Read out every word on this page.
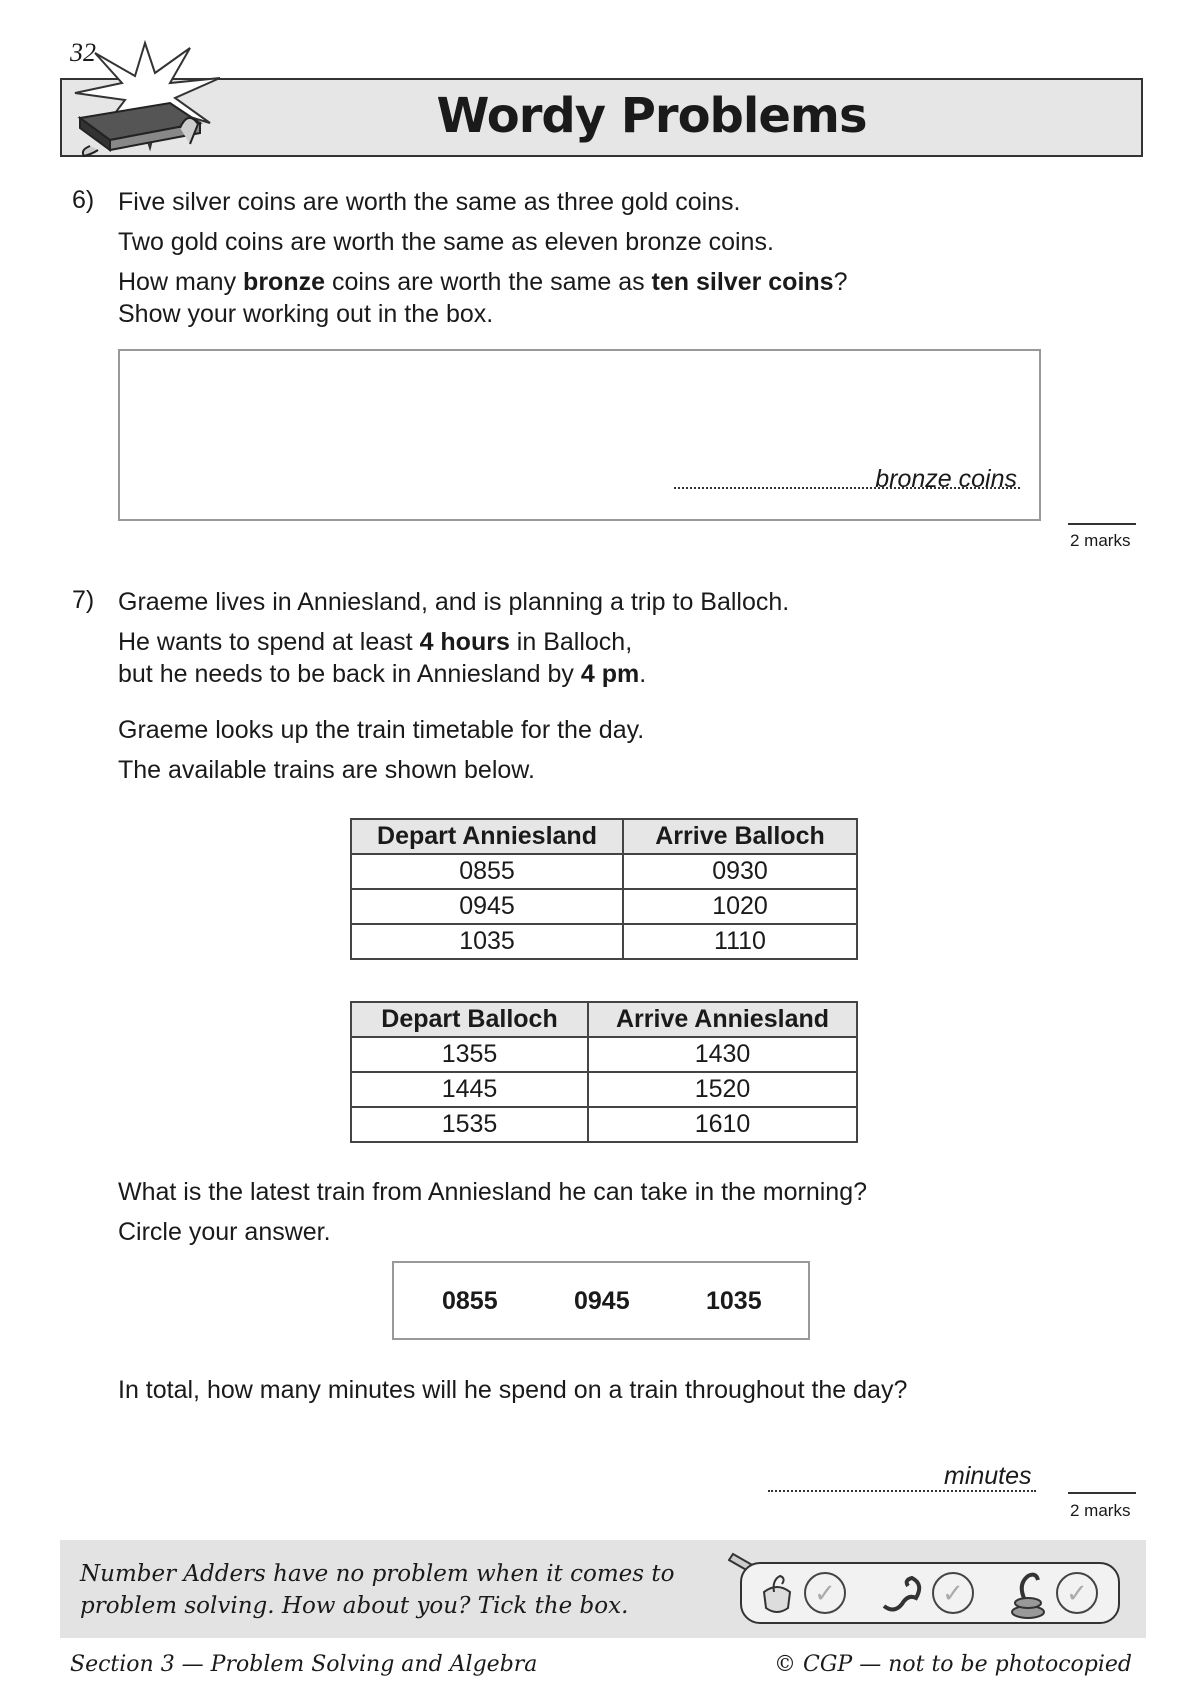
32
Wordy Problems
6) Five silver coins are worth the same as three gold coins.
Two gold coins are worth the same as eleven bronze coins.
How many bronze coins are worth the same as ten silver coins?
Show your working out in the box.
bronze coins
2 marks
7) Graeme lives in Anniesland, and is planning a trip to Balloch.
He wants to spend at least 4 hours in Balloch,
but he needs to be back in Anniesland by 4 pm.
Graeme looks up the train timetable for the day.
The available trains are shown below.
Depart Anniesland	Arrive Balloch
0855	0930
0945	1020
1035	1110
Depart Balloch	Arrive Anniesland
1355	1430
1445	1520
1535	1610
What is the latest train from Anniesland he can take in the morning?
Circle your answer.
0855	0945	1035
In total, how many minutes will he spend on a train throughout the day?
minutes
2 marks
Number Adders have no problem when it comes to
problem solving. How about you? Tick the box.	✓	✓	✓
Section 3 — Problem Solving and Algebra	© CGP — not to be photocopied
